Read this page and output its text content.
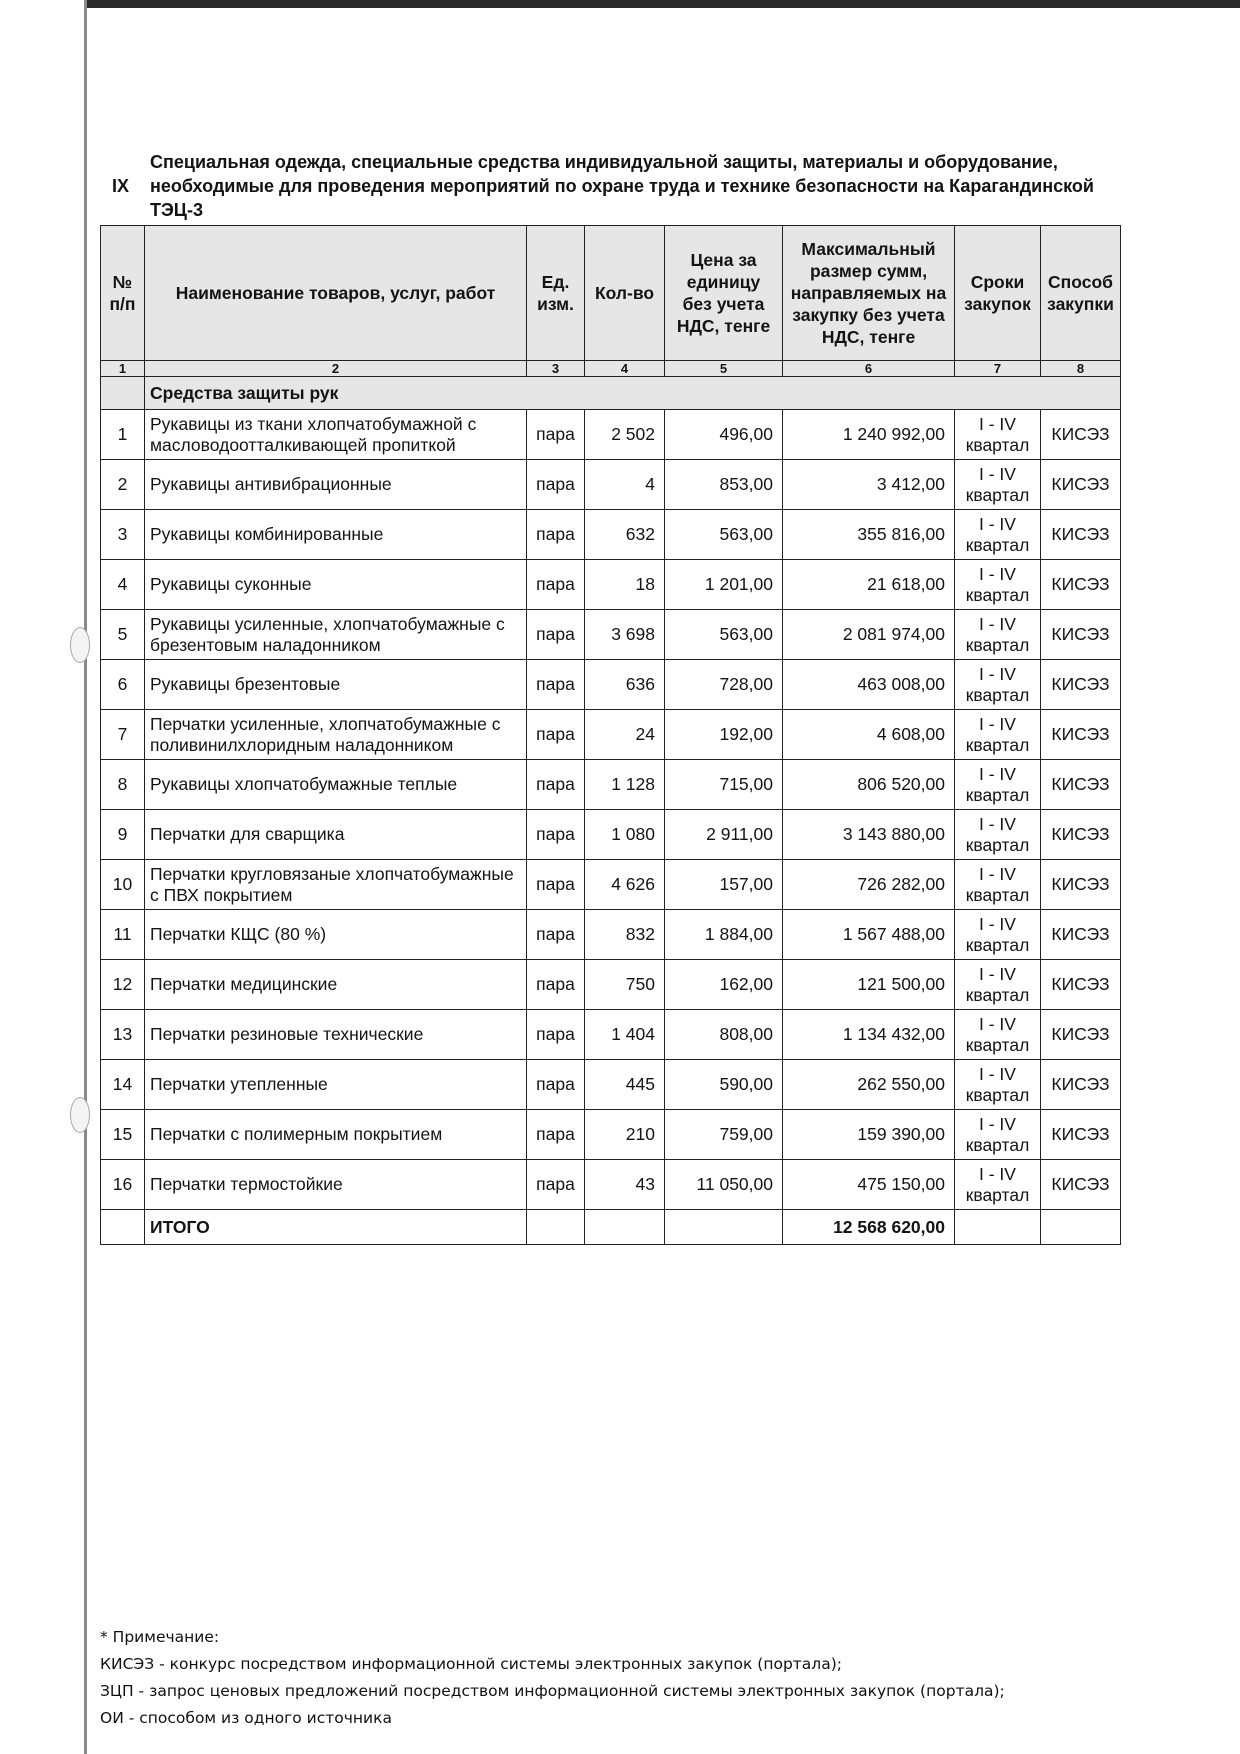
IX
Специальная одежда, специальные средства индивидуальной защиты, материалы и оборудование, необходимые для проведения мероприятий по охране труда и технике безопасности на Карагандинской ТЭЦ-3
№ п/п	Наименование товаров, услуг, работ	Ед. изм.	Кол-во	Цена за единицу без учета НДС, тенге	Максимальный размер сумм, направляемых на закупку без учета НДС, тенге	Сроки закупок	Способ закупки
1	2	3	4	5	6	7	8
	Средства защиты рук						
1	Рукавицы из ткани хлопчатобумажной с масловодоотталкивающей пропиткой	пара	2 502	496,00	1 240 992,00	I - IV квартал	КИСЭЗ
2	Рукавицы антивибрационные	пара	4	853,00	3 412,00	I - IV квартал	КИСЭЗ
3	Рукавицы комбинированные	пара	632	563,00	355 816,00	I - IV квартал	КИСЭЗ
4	Рукавицы суконные	пара	18	1 201,00	21 618,00	I - IV квартал	КИСЭЗ
5	Рукавицы усиленные, хлопчатобумажные с брезентовым наладонником	пара	3 698	563,00	2 081 974,00	I - IV квартал	КИСЭЗ
6	Рукавицы брезентовые	пара	636	728,00	463 008,00	I - IV квартал	КИСЭЗ
7	Перчатки усиленные, хлопчатобумажные с поливинилхлоридным наладонником	пара	24	192,00	4 608,00	I - IV квартал	КИСЭЗ
8	Рукавицы хлопчатобумажные теплые	пара	1 128	715,00	806 520,00	I - IV квартал	КИСЭЗ
9	Перчатки для сварщика	пара	1 080	2 911,00	3 143 880,00	I - IV квартал	КИСЭЗ
10	Перчатки кругловязаные хлопчатобумажные с ПВХ покрытием	пара	4 626	157,00	726 282,00	I - IV квартал	КИСЭЗ
11	Перчатки КЩС (80 %)	пара	832	1 884,00	1 567 488,00	I - IV квартал	КИСЭЗ
12	Перчатки медицинские	пара	750	162,00	121 500,00	I - IV квартал	КИСЭЗ
13	Перчатки резиновые технические	пара	1 404	808,00	1 134 432,00	I - IV квартал	КИСЭЗ
14	Перчатки утепленные	пара	445	590,00	262 550,00	I - IV квартал	КИСЭЗ
15	Перчатки с полимерным покрытием	пара	210	759,00	159 390,00	I - IV квартал	КИСЭЗ
16	Перчатки термостойкие	пара	43	11 050,00	475 150,00	I - IV квартал	КИСЭЗ
	ИТОГО				12 568 620,00		
* Примечание:
КИСЭЗ - конкурс посредством информационной системы электронных закупок (портала);
ЗЦП - запрос ценовых предложений посредством информационной системы электронных закупок (портала);
ОИ - способом из одного источника
